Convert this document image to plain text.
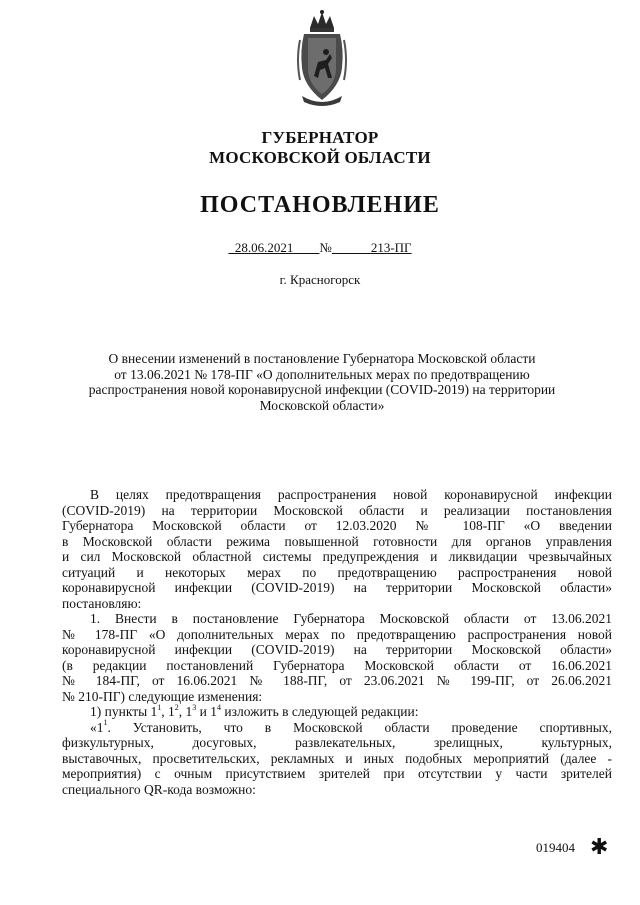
ГУБЕРНАТОР
МОСКОВСКОЙ ОБЛАСТИ
ПОСТАНОВЛЕНИЕ
28.06.2021 №	213-ПГ
г. Красногорск
О внесении изменений в постановление Губернатора Московской области
от 13.06.2021 № 178-ПГ «О дополнительных мерах по предотвращению
распространения новой коронавирусной инфекции (COVID-2019) на территории
Московской области»
В целях предотвращения распространения новой коронавирусной инфекции
(COVID-2019) на территории Московской области и реализации постановления
Губернатора Московской области от 12.03.2020 № 108-ПГ «О введении
в Московской области режима повышенной готовности для органов управления
и сил Московской областной системы предупреждения и ликвидации чрезвычайных
ситуаций и некоторых мерах по предотвращению распространения новой
коронавирусной инфекции (COVID-2019) на территории Московской области»
постановляю:
1. Внести в постановление Губернатора Московской области от 13.06.2021
№ 178-ПГ «О дополнительных мерах по предотвращению распространения новой
коронавирусной инфекции (COVID-2019) на территории Московской области»
(в редакции постановлений Губернатора Московской области от 16.06.2021
№ 184-ПГ, от 16.06.2021 № 188-ПГ, от 23.06.2021 № 199-ПГ, от 26.06.2021
№ 210-ПГ) следующие изменения:
1) пункты $1^1$, $1^2$, $1^3$ и $1^4$ изложить в следующей редакции:
«$1^1$. Установить, что в Московской области проведение спортивных,
физкультурных, досуговых, развлекательных, зрелищных, культурных,
выставочных, просветительских, рекламных и иных подобных мероприятий (далее -
мероприятия) с очным присутствием зрителей при отсутствии у части зрителей
специального QR-кода возможно:
019404 ✱
